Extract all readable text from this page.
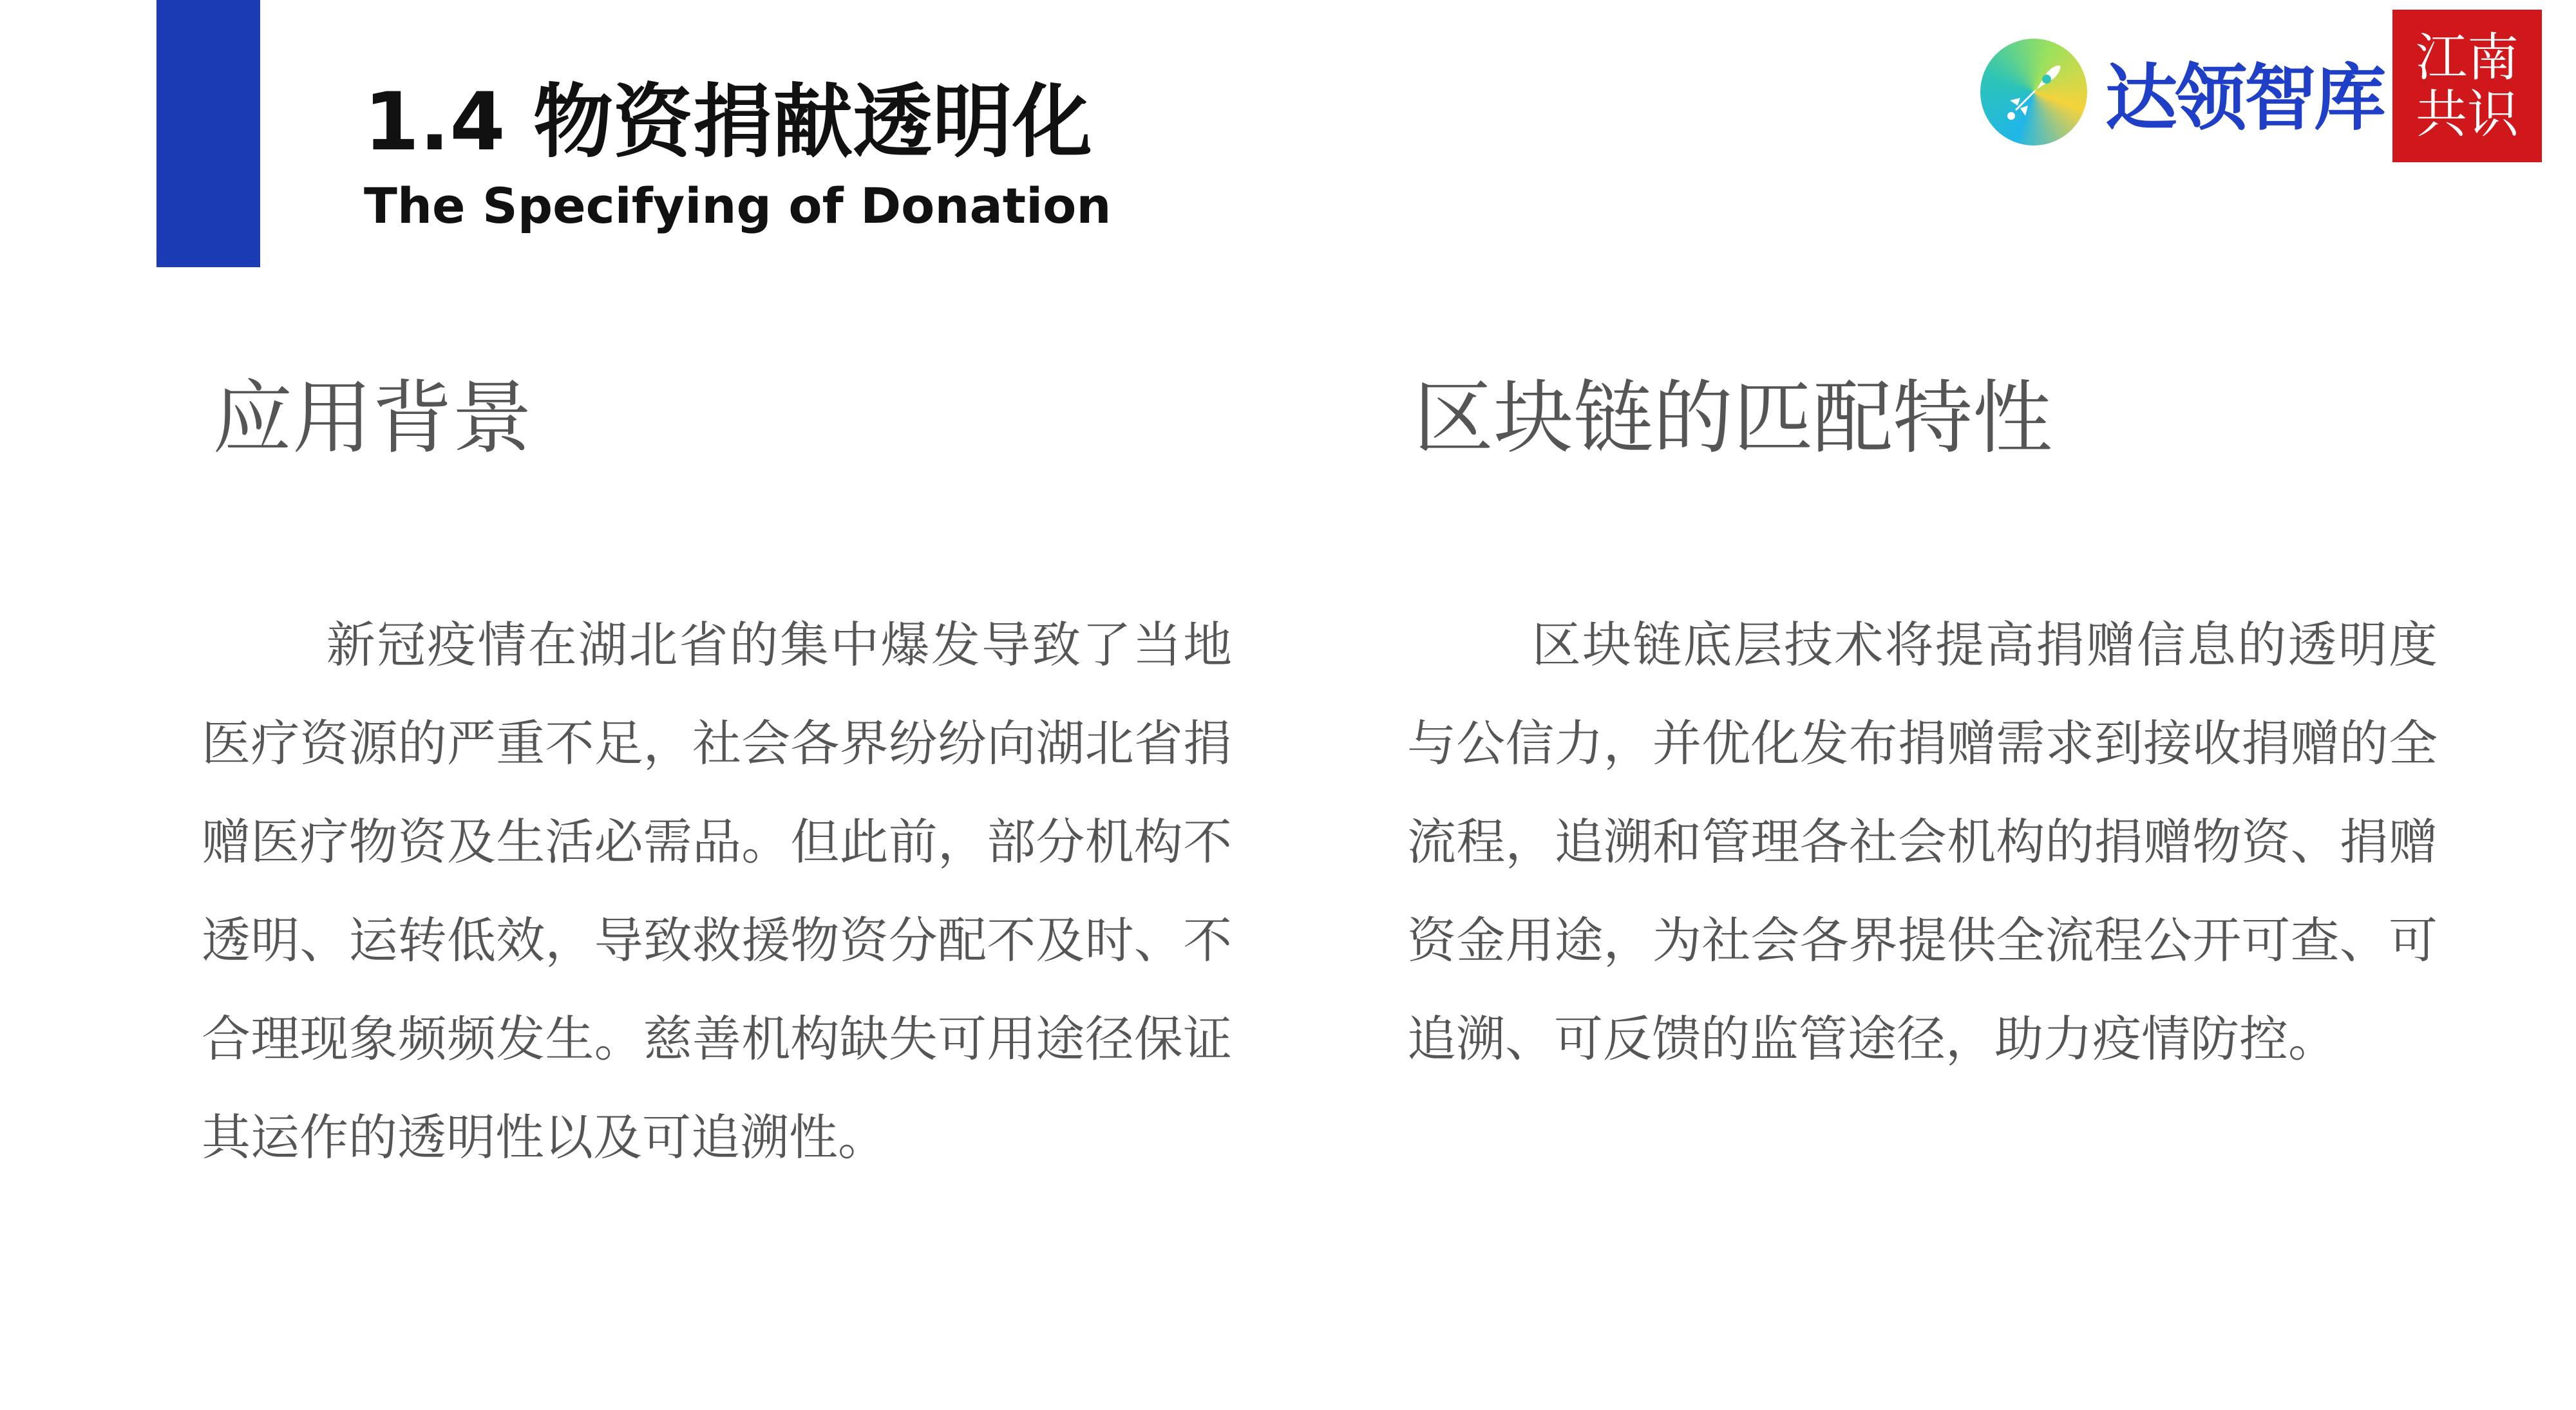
1.4 物资捐献透明化
The Specifying of Donation
达领智库 江南
共识
应用背景	区块链的匹配特性

新冠疫情在湖北省的集中爆发导致了当地医疗资源的严重不足，社会各界纷纷向湖北省捐赠医疗物资及生活必需品。但此前，部分机构不透明、运转低效，导致救援物资分配不及时、不合理现象频频发生。慈善机构缺失可用途径保证其运作的透明性以及可追溯性。

区块链底层技术将提高捐赠信息的透明度与公信力，并优化发布捐赠需求到接收捐赠的全流程，追溯和管理各社会机构的捐赠物资、捐赠资金用途，为社会各界提供全流程公开可查、可追溯、可反馈的监管途径，助力疫情防控。
